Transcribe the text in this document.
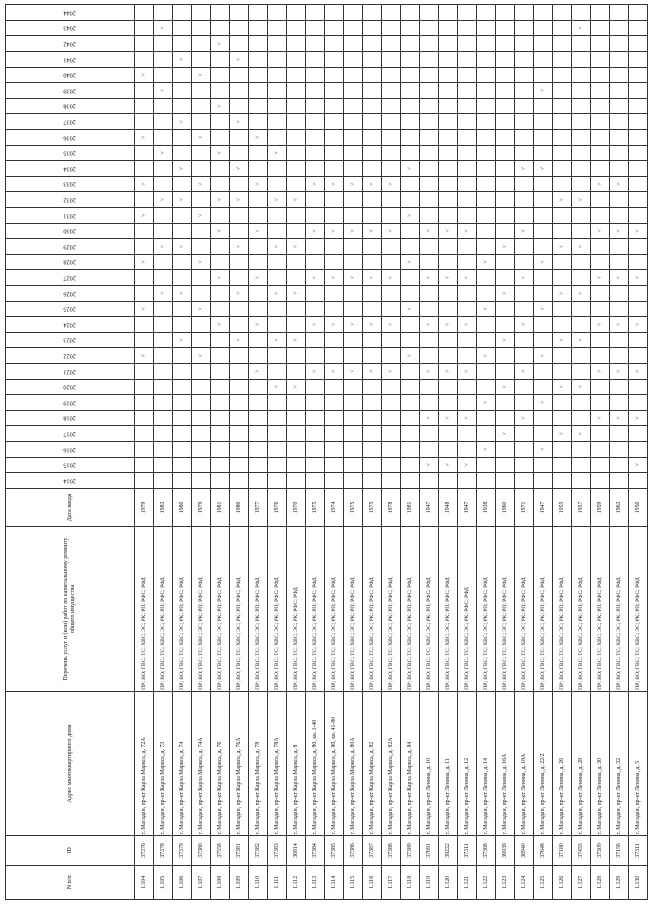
N п/п	ID	Адрес многоквартирного дома	Перечень услуг и (или) работ по капитальному ремонту общего имущества	Дата ввода	2014	2015	2016	2017	2018	2019	2020	2021	2022	2023	2024	2025	2026	2027	2028	2029	2030	2031	2032	2033	2034	2035	2036	2037	2038	2039	2040	2041	2042	2043	2044
1.104	37376	г. Магадан, пр-кт Карла Маркса, д. 72А	ПР; ВО; ГВС; ТС; ХВС; ЭС; РК; РП; РФС; РФД	1979									˅			˅			˅			˅		˅			˅				˅				
1.105	37378	г. Магадан, пр-кт Карла Маркса, д. 73	ПР; ВО; ГВС; ТС; ХВС; ЭС; РК; РП; РФС; РФД	1983													˅			˅			˅			˅				˅				˅	
1.106	37379	г. Магадан, пр-кт Карла Маркса, д. 74	ПР; ВО; ГВС; ТС; ХВС; ЭС; РК; РП; РФС; РФД	1980										˅			˅			˅			˅		˅			˅				˅			
1.107	37380	г. Магадан, пр-кт Карла Маркса, д. 74А	ПР; ВО; ГВС; ТС; ХВС; ЭС; РК; РП; РФС; РФД	1979									˅			˅			˅			˅		˅			˅				˅				
1.108	37558	г. Магадан, пр-кт Карла Маркса, д. 76	ПР; ВО; ГВС; ТС; ХВС; ЭС; РК; РП; РФС; РФД	1981											˅			˅			˅		˅			˅			˅				˅		
1.109	37381	г. Магадан, пр-кт Карла Маркса, д. 76А	ПР; ВО; ГВС; ТС; ХВС; ЭС; РК; РП; РФС; РФД	1980										˅			˅			˅			˅		˅			˅				˅			
1.110	37382	г. Магадан, пр-кт Карла Маркса, д. 78	ПР; ВО; ГВС; ТС; ХВС; ЭС; РК; РП; РФС; РФД	1977								˅			˅			˅			˅			˅			˅								
1.111	37383	г. Магадан, пр-кт Карла Маркса, д. 78А	ПР; ВО; ГВС; ТС; ХВС; ЭС; РК; РП; РФС; РФД	1976							˅			˅			˅			˅			˅			˅									
1.112	36814	г. Магадан, пр-кт Карла Маркса, д. 8	ПР; ВО; ГВС; ТС; ХВС; ЭС; РК; РФС; РФД	1970							˅			˅			˅			˅			˅												
1.113	37384	г. Магадан, пр-кт Карла Маркса, д. 80, кв. 1-40	ПР; ВО; ГВС; ТС; ХВС; ЭС; РК; РП; РФС; РФД	1975								˅			˅			˅			˅			˅											
1.114	37385	г. Магадан, пр-кт Карла Маркса, д. 80, кв. 41-80	ПР; ВО; ГВС; ТС; ХВС; ЭС; РК; РП; РФС; РФД	1974								˅			˅			˅			˅			˅											
1.115	37386	г. Магадан, пр-кт Карла Маркса, д. 80А	ПР; ВО; ГВС; ТС; ХВС; ЭС; РК; РП; РФС; РФД	1975								˅			˅			˅			˅			˅											
1.116	37387	г. Магадан, пр-кт Карла Маркса, д. 82	ПР; ВО; ГВС; ТС; ХВС; ЭС; РК; РП; РФС; РФД	1975								˅			˅			˅			˅			˅											
1.117	37388	г. Магадан, пр-кт Карла Маркса, д. 82А	ПР; ВО; ГВС; ТС; ХВС; ЭС; РК; РП; РФС; РФД	1978								˅			˅			˅			˅			˅											
1.118	37389	г. Магадан, пр-кт Карла Маркса, д. 84	ПР; ВО; ГВС; ТС; ХВС; ЭС; РК; РП; РФС; РФД	1981									˅			˅			˅			˅			˅										
1.119	37691	г. Магадан, пр-кт Ленина, д. 10	ПР; ВО; ГВС; ТС; ХВС; ЭС; РК; РП; РФС; РФД	1947		˅			˅			˅			˅			˅			˅														
1.120	39222	г. Магадан, пр-кт Ленина, д. 11	ПР; ВО; ГВС; ТС; ХВС; ЭС; РК; РП; РФС; РФД	1948		˅			˅			˅			˅			˅			˅														
1.121	37311	г. Магадан, пр-кт Ленина, д. 12	ПР; ВО; ГВС; ТС; ХВС; ЭС; РК; РФС; РФД	1947		˅			˅			˅			˅			˅			˅														
1.122	37368	г. Магадан, пр-кт Ленина, д. 14	ПР; ВО; ГВС; ТС; ХВС; ЭС; РК; РП; РФС; РФД	1938			˅			˅			˅			˅			˅																
1.123	36939	г. Магадан, пр-кт Ленина, д. 16А	ПР; ВО; ГВС; ТС; ХВС; ЭС; РК; РП; РФС; РФД	1960				˅			˅			˅			˅			˅															
1.124	36940	г. Магадан, пр-кт Ленина, д. 18А	ПР; ВО; ГВС; ТС; ХВС; ЭС; РК; РП; РФС; РФД	1971					˅			˅			˅			˅			˅				˅										
1.125	37648	г. Магадан, пр-кт Ленина, д. 22/2	ПР; ВО; ГВС; ТС; ХВС; ЭС; РК; РП; РФС; РФД	1947			˅			˅			˅			˅			˅						˅					˅					
1.126	37180	г. Магадан, пр-кт Ленина, д. 26	ПР; ВО; ГВС; ТС; ХВС; ЭС; РК; РП; РФС; РФД	1955				˅			˅			˅			˅			˅			˅												
1.127	37455	г. Магадан, пр-кт Ленина, д. 28	ПР; ВО; ГВС; ТС; ХВС; ЭС; РК; РП; РФС; РФД	1957				˅			˅			˅			˅			˅			˅											˅	
1.128	37309	г. Магадан, пр-кт Ленина, д. 30	ПР; ВО; ГВС; ТС; ХВС; ЭС; РК; РП; РФС; РФД	1959					˅			˅			˅			˅			˅			˅											
1.129	37156	г. Магадан, пр-кт Ленина, д. 32	ПР; ВО; ГВС; ТС; ХВС; ЭС; РК; РП; РФС; РФД	1963					˅			˅			˅			˅			˅			˅											
1.130	37311	г. Магадан, пр-кт Ленина, д. 5	ПР; ВО; ГВС; ТС; ХВС; ЭС; РК; РП; РФС; РФД	1950		˅			˅			˅			˅			˅			˅														
